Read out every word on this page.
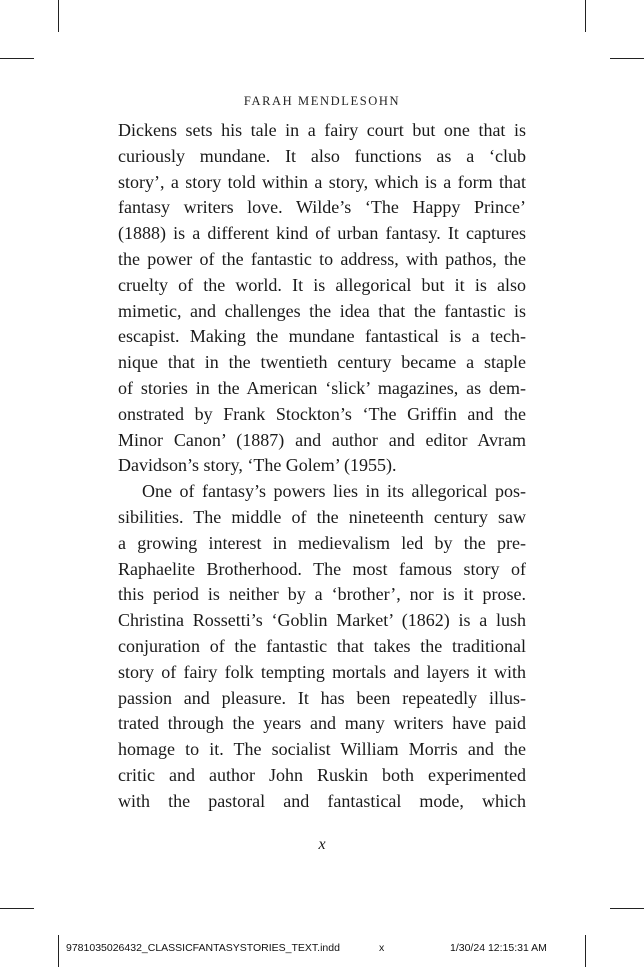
FARAH MENDLESOHN
Dickens sets his tale in a fairy court but one that is
curiously mundane. It also functions as a ‘club
story’, a story told within a story, which is a form that
fantasy writers love. Wilde’s ‘The Happy Prince’
(1888) is a different kind of urban fantasy. It captures
the power of the fantastic to address, with pathos, the
cruelty of the world. It is allegorical but it is also
mimetic, and challenges the idea that the fantastic is
escapist. Making the mundane fantastical is a tech-
nique that in the twentieth century became a staple
of stories in the American ‘slick’ magazines, as dem-
onstrated by Frank Stockton’s ‘The Griffin and the
Minor Canon’ (1887) and author and editor Avram
Davidson’s story, ‘The Golem’ (1955).
One of fantasy’s powers lies in its allegorical pos-
sibilities. The middle of the nineteenth century saw
a growing interest in medievalism led by the pre-
Raphaelite Brotherhood. The most famous story of
this period is neither by a ‘brother’, nor is it prose.
Christina Rossetti’s ‘Goblin Market’ (1862) is a lush
conjuration of the fantastic that takes the traditional
story of fairy folk tempting mortals and layers it with
passion and pleasure. It has been repeatedly illus-
trated through the years and many writers have paid
homage to it. The socialist William Morris and the
critic and author John Ruskin both experimented
with the pastoral and fantastical mode, which
x
9781035026432_CLASSICFANTASYSTORIES_TEXT.indd	x	1/30/24 12:15:31 AM
